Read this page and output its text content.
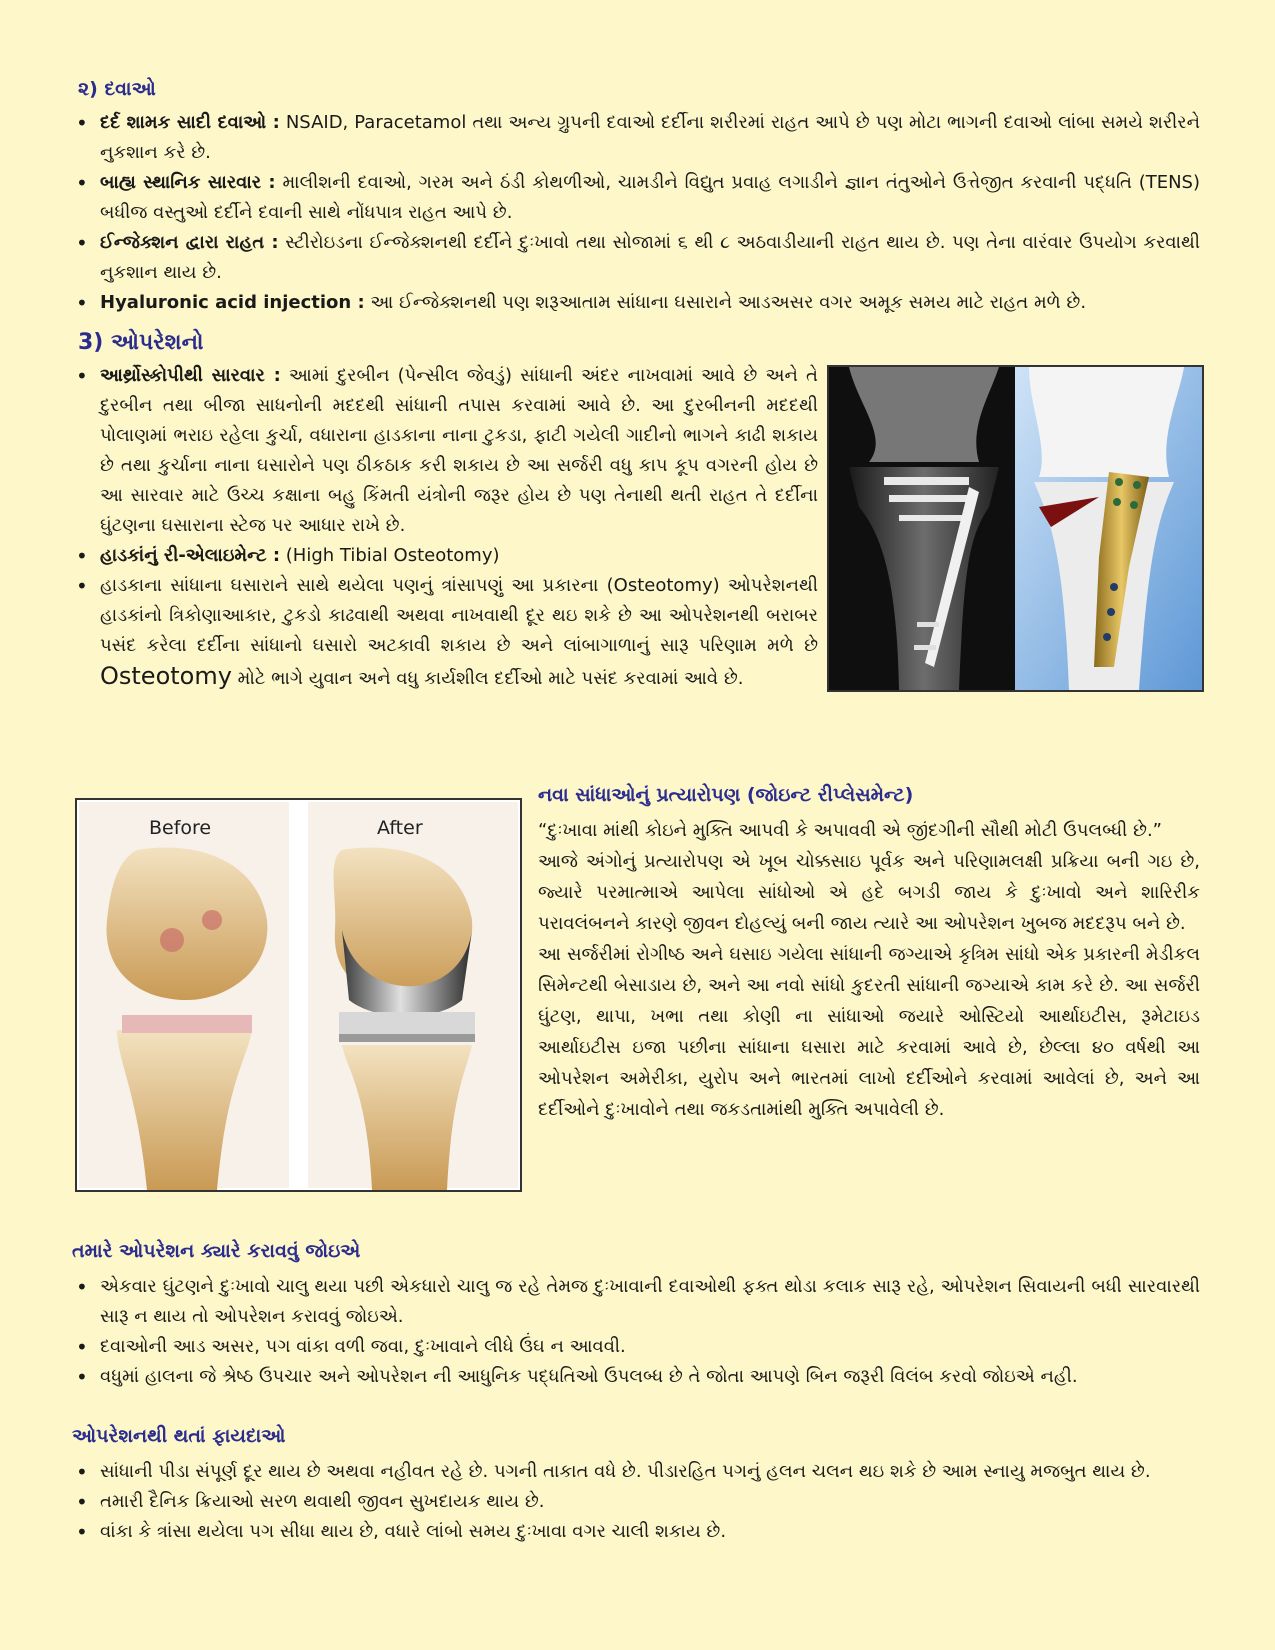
૨) દવાઓ
• દર્દ શામક સાદી દવાઓ : NSAID, Paracetamol તથા અન્ય ગ્રુપની દવાઓ દર્દીના શરીરમાં રાહત આપે છે પણ મોટા ભાગની દવાઓ લાંબા સમયે શરીરને નુકશાન કરે છે.
• બાહ્ય સ્થાનિક સારવાર : માલીશની દવાઓ, ગરમ અને ઠંડી કોથળીઓ, ચામડીને વિદ્યુત પ્રવાહ લગાડીને જ્ઞાન તંતુઓને ઉત્તેજીત કરવાની પદ્ધતિ (TENS) બધીજ વસ્તુઓ દર્દીને દવાની સાથે નોંધપાત્ર રાહત આપે છે.
• ઈન્જેક્શન દ્વારા રાહત : સ્ટીરોઇડના ઈન્જેક્શનથી દર્દીને દુઃખાવો તથા સોજામાં ૬ થી ૮ અઠવાડીયાની રાહત થાય છે. પણ તેના વારંવાર ઉપયોગ કરવાથી નુકશાન થાય છે.
• Hyaluronic acid injection : આ ઈન્જેક્શનથી પણ શરૂઆતામ સાંધાના ઘસારાને આડઅસર વગર અમૂક સમય માટે રાહત મળે છે.
3) ઓપરેશનો
• આર્થ્રોસ્કોપીથી સારવાર : આમાં દુરબીન (પેન્સીલ જેવડું) સાંધાની અંદર નાખવામાં આવે છે અને તે દુરબીન તથા બીજા સાધનોની મદદથી સાંધાની તપાસ કરવામાં આવે છે. આ દુરબીનની મદદથી પોલાણમાં ભરાઇ રહેલા કુર્ચા, વધારાના હાડકાના નાના ટુકડા, ફાટી ગયેલી ગાદીનો ભાગને કાઢી શકાય છે તથા કુર્ચાના નાના ઘસારોને પણ ઠીકઠાક કરી શકાય છે આ સર્જરી વધુ કાપ કૂપ વગરની હોય છે આ સારવાર માટે ઉચ્ચ કક્ષાના બહુ કિંમતી યંત્રોની જરૂર હોય છે પણ તેનાથી થતી રાહત તે દર્દીના ઘુંટણના ઘસારાના સ્ટેજ પર આધાર રાખે છે.
• હાડકાંનું રી-એલાઇમેન્ટ : (High Tibial Osteotomy)
• હાડકાના સાંધાના ઘસારાને સાથે થયેલા પણનું ત્રાંસાપણું આ પ્રકારના (Osteotomy) ઓપરેશનથી હાડકાંનો ત્રિકોણાઆકાર, ટુકડો કાઢવાથી અથવા નાખવાથી દૂર થઇ શકે છે આ ઓપરેશનથી બરાબર પસંદ કરેલા દર્દીના સાંધાનો ઘસારો અટકાવી શકાય છે અને લાંબાગાળાનું સારૂ પરિણામ મળે છે Osteotomy મોટે ભાગે યુવાન અને વધુ કાર્યશીલ દર્દીઓ માટે પસંદ કરવામાં આવે છે.
Before	After
નવા સાંધાઓનું પ્રત્યારોપણ (જોઇન્ટ રીપ્લેસમેન્ટ)

“દુઃખાવા માંથી કોઇને મુક્તિ આપવી કે અપાવવી એ જીંદગીની સૌથી મોટી ઉપલબ્ધી છે.”

આજે અંગોનું પ્રત્યારોપણ એ ખૂબ ચોક્કસાઇ પૂર્વક અને પરિણામલક્ષી પ્રક્રિયા બની ગઇ છે, જ્યારે પરમાત્માએ આપેલા સાંધોઓ એ હદે બગડી જાય કે દુઃખાવો અને શારિરીક પરાવલંબનને કારણે જીવન દોહલ્યું બની જાય ત્યારે આ ઓપરેશન ખુબજ મદદરૂપ બને છે.

આ સર્જરીમાં રોગીષ્ઠ અને ઘસાઇ ગયેલા સાંધાની જગ્યાએ કૃત્રિમ સાંધો એક પ્રકારની મેડીકલ સિમેન્ટથી બેસાડાય છે, અને આ નવો સાંધો કુદરતી સાંધાની જગ્યાએ કામ કરે છે. આ સર્જરી ઘુંટણ, થાપા, ખભા તથા કોણી ના સાંધાઓ જયારે ઓસ્ટિયો આર્થાઇટીસ, રૂમેટાઇડ આર્થાઇટીસ ઇજા પછીના સાંધાના ઘસારા માટે કરવામાં આવે છે, છેલ્લા ૪૦ વર્ષથી આ ઓપરેશન અમેરીકા, યુરોપ અને ભારતમાં લાખો દર્દીઓને કરવામાં આવેલાં છે, અને આ દર્દીઓને દુઃખાવોને તથા જકડતામાંથી મુક્તિ અપાવેલી છે.

તમારે ઓપરેશન ક્યારે કરાવવું જોઇએ
• એકવાર ઘુંટણને દુઃખાવો ચાલુ થયા પછી એકધારો ચાલુ જ રહે તેમજ દુઃખાવાની દવાઓથી ફક્ત થોડા કલાક સારૂ રહે, ઓપરેશન સિવાયની બધી સારવારથી સારૂ ન થાય તો ઓપરેશન કરાવવું જોઇએ.
• દવાઓની આડ અસર, પગ વાંકા વળી જવા, દુઃખાવાને લીધે ઉંઘ ન આવવી.
• વધુમાં હાલના જે શ્રેષ્ઠ ઉપચાર અને ઓપરેશન ની આધુનિક પદ્ધતિઓ ઉપલબ્ધ છે તે જોતા આપણે બિન જરૂરી વિલંબ કરવો જોઇએ નહી.
ઓપરેશનથી થતાં ફાયદાઓ
• સાંધાની પીડા સંપૂર્ણ દૂર થાય છે અથવા નહીવત રહે છે. પગની તાકાત વધે છે. પીડારહિત પગનું હલન ચલન થઇ શકે છે આમ સ્નાયુ મજબુત થાય છે.
• તમારી દૈનિક ક્રિયાઓ સરળ થવાથી જીવન સુખદાયક થાય છે.
• વાંકા કે ત્રાંસા થયેલા પગ સીધા થાય છે, વધારે લાંબો સમય દુઃખાવા વગર ચાલી શકાય છે.
